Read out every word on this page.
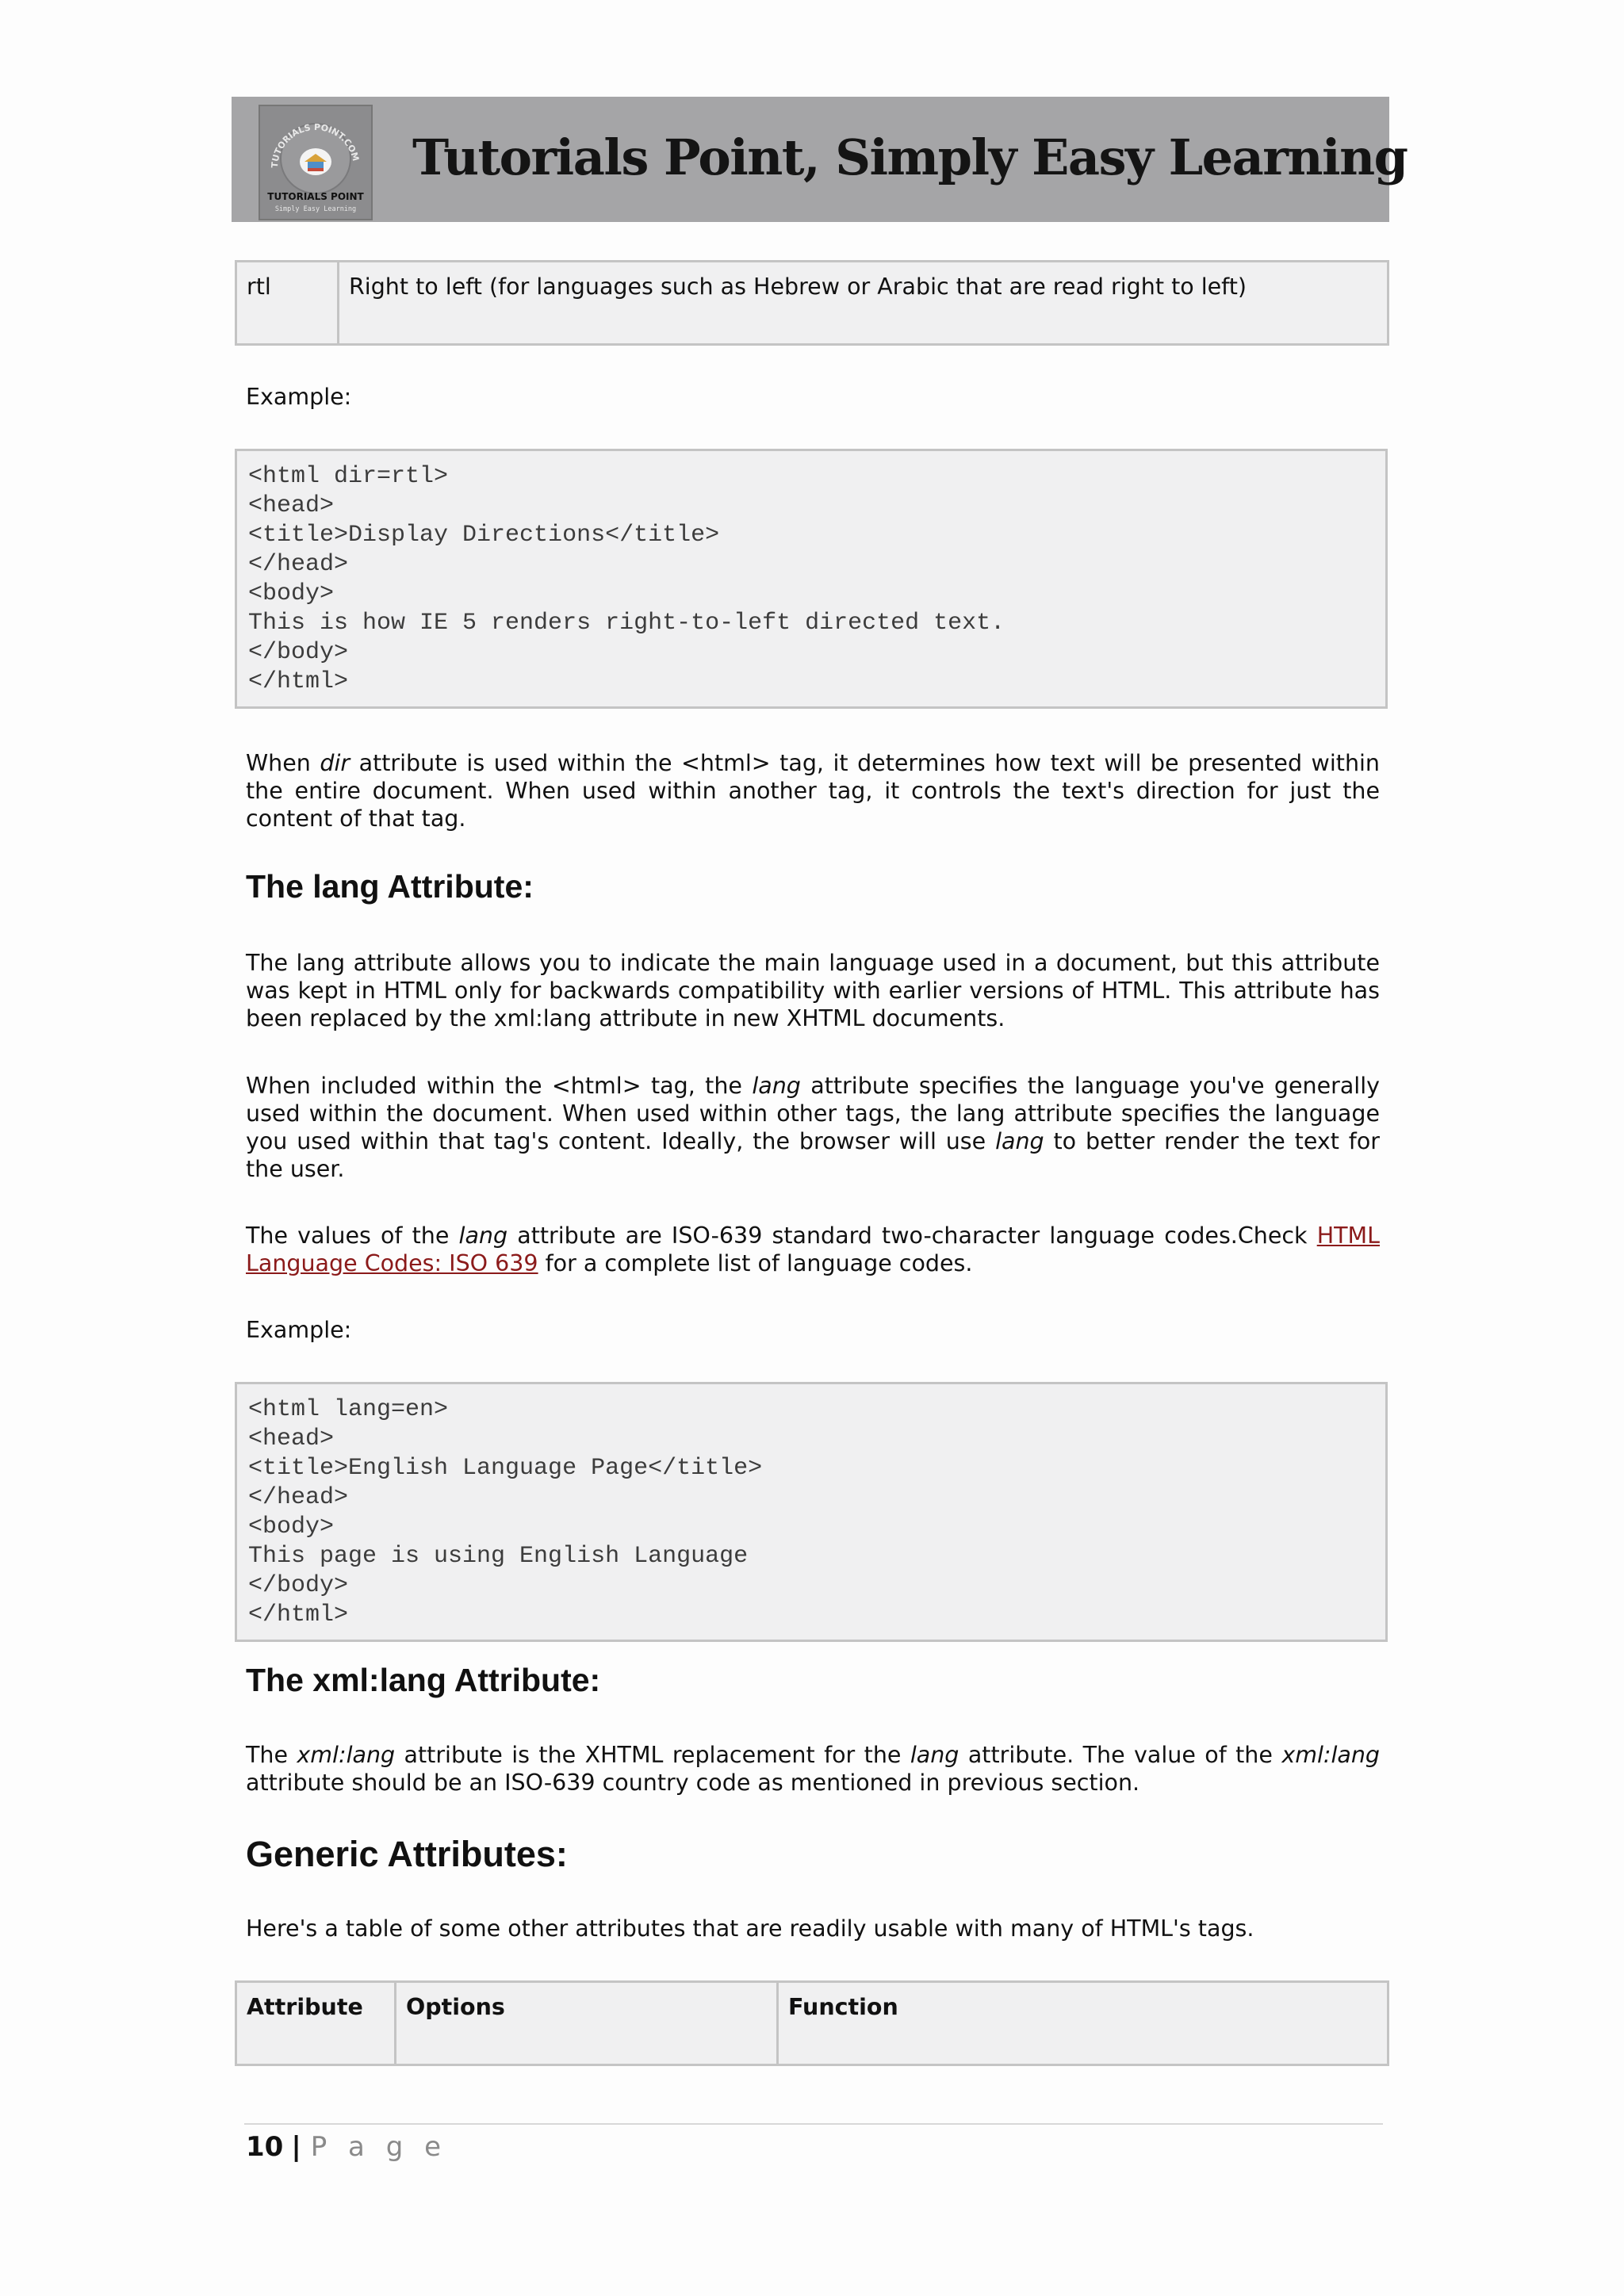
TUTORIALS POINT.COM
TUTORIALS POINT
Simply Easy Learning
Tutorials Point, Simply Easy Learning
rtl	Right to left (for languages such as Hebrew or Arabic that are read right to left)

Example:

<html dir=rtl>
<head>
<title>Display Directions</title>
</head>
<body>
This is how IE 5 renders right-to-left directed text.
</body>
</html>

When dir attribute is used within the <html> tag, it determines how text will be presented within the entire document. When used within another tag, it controls the text's direction for just the content of that tag.

The lang Attribute:

The lang attribute allows you to indicate the main language used in a document, but this attribute was kept in HTML only for backwards compatibility with earlier versions of HTML. This attribute has been replaced by the xml:lang attribute in new XHTML documents.

When included within the <html> tag, the lang attribute specifies the language you've generally used within the document. When used within other tags, the lang attribute specifies the language you used within that tag's content. Ideally, the browser will use lang to better render the text for the user.

The values of the lang attribute are ISO-639 standard two-character language codes.Check HTML Language Codes: ISO 639 for a complete list of language codes.

Example:

<html lang=en>
<head>
<title>English Language Page</title>
</head>
<body>
This page is using English Language
</body>
</html>
The xml:lang Attribute:

The xml:lang attribute is the XHTML replacement for the lang attribute. The value of the xml:lang attribute should be an ISO-639 country code as mentioned in previous section.

Generic Attributes:

Here's a table of some other attributes that are readily usable with many of HTML's tags.

Attribute	Options	Function
10 | P a g e
